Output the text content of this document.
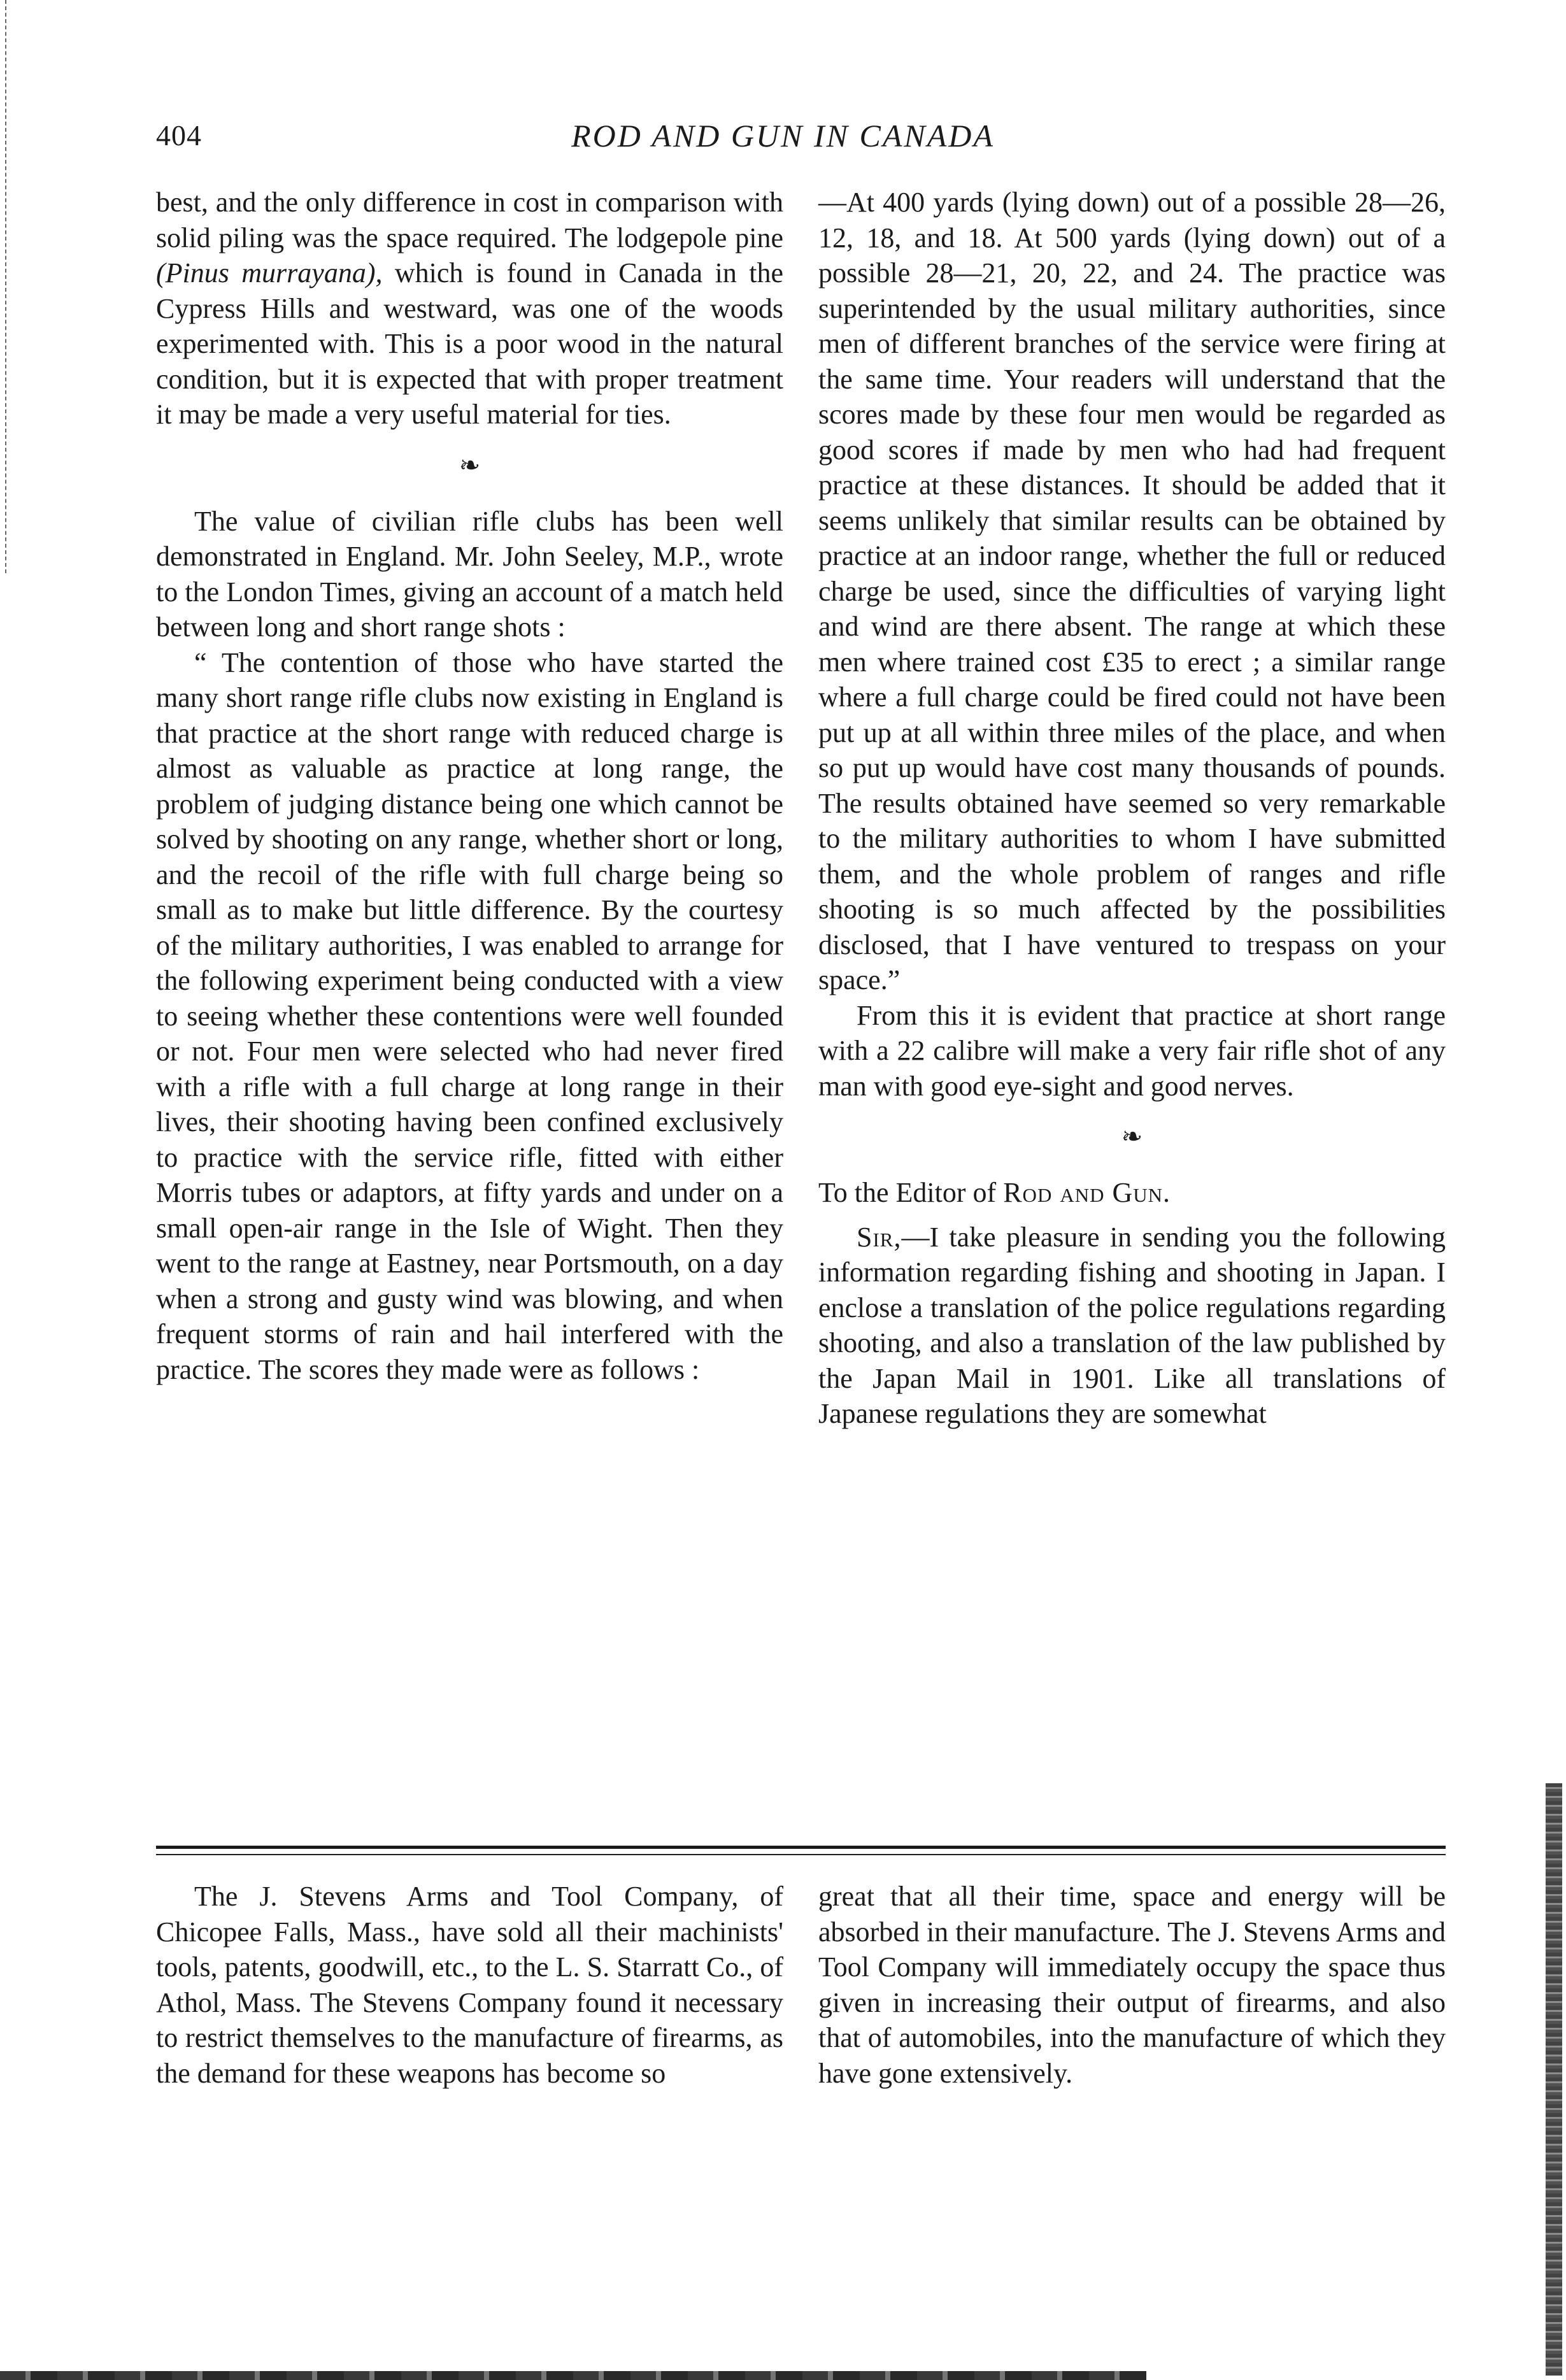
404	ROD AND GUN IN CANADA

best, and the only difference in cost in comparison with solid piling was the space required. The lodgepole pine (Pinus murrayana), which is found in Canada in the Cypress Hills and westward, was one of the woods experimented with. This is a poor wood in the natural condition, but it is expected that with proper treatment it may be made a very useful material for ties.

❧

The value of civilian rifle clubs has been well demonstrated in England. Mr. John Seeley, M.P., wrote to the London Times, giving an account of a match held between long and short range shots :

“ The contention of those who have started the many short range rifle clubs now existing in England is that practice at the short range with reduced charge is almost as valuable as practice at long range, the problem of judging distance being one which cannot be solved by shooting on any range, whether short or long, and the recoil of the rifle with full charge being so small as to make but little difference. By the courtesy of the military authorities, I was enabled to arrange for the following experiment being conducted with a view to seeing whether these contentions were well founded or not. Four men were selected who had never fired with a rifle with a full charge at long range in their lives, their shooting having been confined exclusively to practice with the service rifle, fitted with either Morris tubes or adaptors, at fifty yards and under on a small open-air range in the Isle of Wight. Then they went to the range at Eastney, near Portsmouth, on a day when a strong and gusty wind was blowing, and when frequent storms of rain and hail interfered with the practice. The scores they made were as follows :

—At 400 yards (lying down) out of a possible 28—26, 12, 18, and 18. At 500 yards (lying down) out of a possible 28—21, 20, 22, and 24. The practice was superintended by the usual military authorities, since men of different branches of the service were firing at the same time. Your readers will understand that the scores made by these four men would be regarded as good scores if made by men who had had frequent practice at these distances. It should be added that it seems unlikely that similar results can be obtained by practice at an indoor range, whether the full or reduced charge be used, since the difficulties of varying light and wind are there absent. The range at which these men where trained cost £35 to erect ; a similar range where a full charge could be fired could not have been put up at all within three miles of the place, and when so put up would have cost many thousands of pounds. The results obtained have seemed so very remarkable to the military authorities to whom I have submitted them, and the whole problem of ranges and rifle shooting is so much affected by the possibilities disclosed, that I have ventured to trespass on your space.”

From this it is evident that practice at short range with a 22 calibre will make a very fair rifle shot of any man with good eye-sight and good nerves.

❧

To the Editor of Rod and Gun.

Sir,—I take pleasure in sending you the following information regarding fishing and shooting in Japan. I enclose a translation of the police regulations regarding shooting, and also a translation of the law published by the Japan Mail in 1901. Like all translations of Japanese regulations they are somewhat

The J. Stevens Arms and Tool Company, of Chicopee Falls, Mass., have sold all their machinists' tools, patents, goodwill, etc., to the L. S. Starratt Co., of Athol, Mass. The Stevens Company found it necessary to restrict themselves to the manufacture of firearms, as the demand for these weapons has become so

great that all their time, space and energy will be absorbed in their manufacture. The J. Stevens Arms and Tool Company will immediately occupy the space thus given in increasing their output of firearms, and also that of automobiles, into the manufacture of which they have gone extensively.
